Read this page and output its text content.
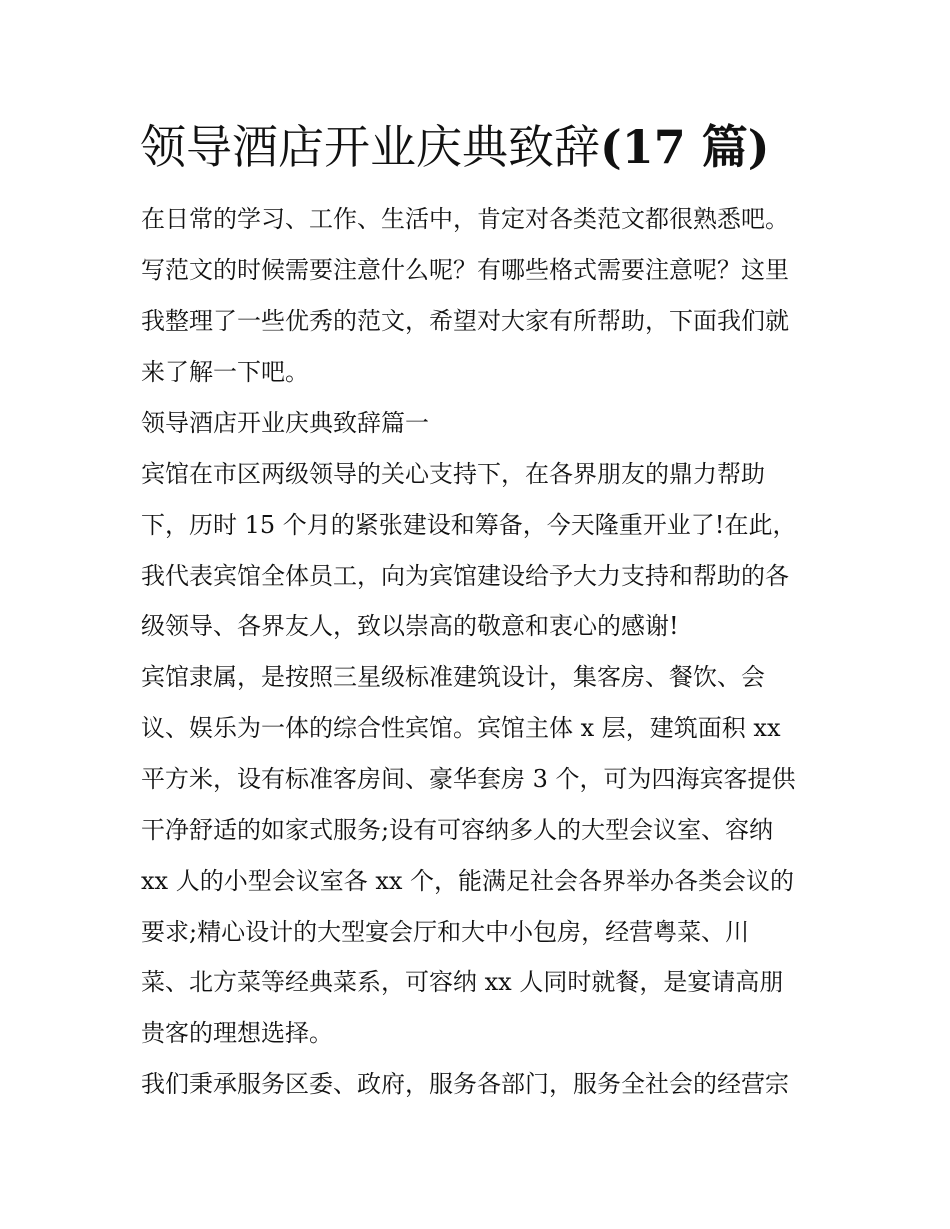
领导酒店开业庆典致辞(17 篇)

在日常的学习、工作、生活中，肯定对各类范文都很熟悉吧。

写范文的时候需要注意什么呢？有哪些格式需要注意呢？这里

我整理了一些优秀的范文，希望对大家有所帮助，下面我们就

来了解一下吧。

领导酒店开业庆典致辞篇一

宾馆在市区两级领导的关心支持下，在各界朋友的鼎力帮助

下，历时 15 个月的紧张建设和筹备，今天隆重开业了!在此，

我代表宾馆全体员工，向为宾馆建设给予大力支持和帮助的各

级领导、各界友人，致以崇高的敬意和衷心的感谢!

宾馆隶属，是按照三星级标准建筑设计，集客房、餐饮、会

议、娱乐为一体的综合性宾馆。宾馆主体 x 层，建筑面积 xx

平方米，设有标准客房间、豪华套房 3 个，可为四海宾客提供

干净舒适的如家式服务;设有可容纳多人的大型会议室、容纳

xx 人的小型会议室各 xx 个，能满足社会各界举办各类会议的

要求;精心设计的大型宴会厅和大中小包房，经营粤菜、川

菜、北方菜等经典菜系，可容纳 xx 人同时就餐，是宴请高朋

贵客的理想选择。

我们秉承服务区委、政府，服务各部门，服务全社会的经营宗
